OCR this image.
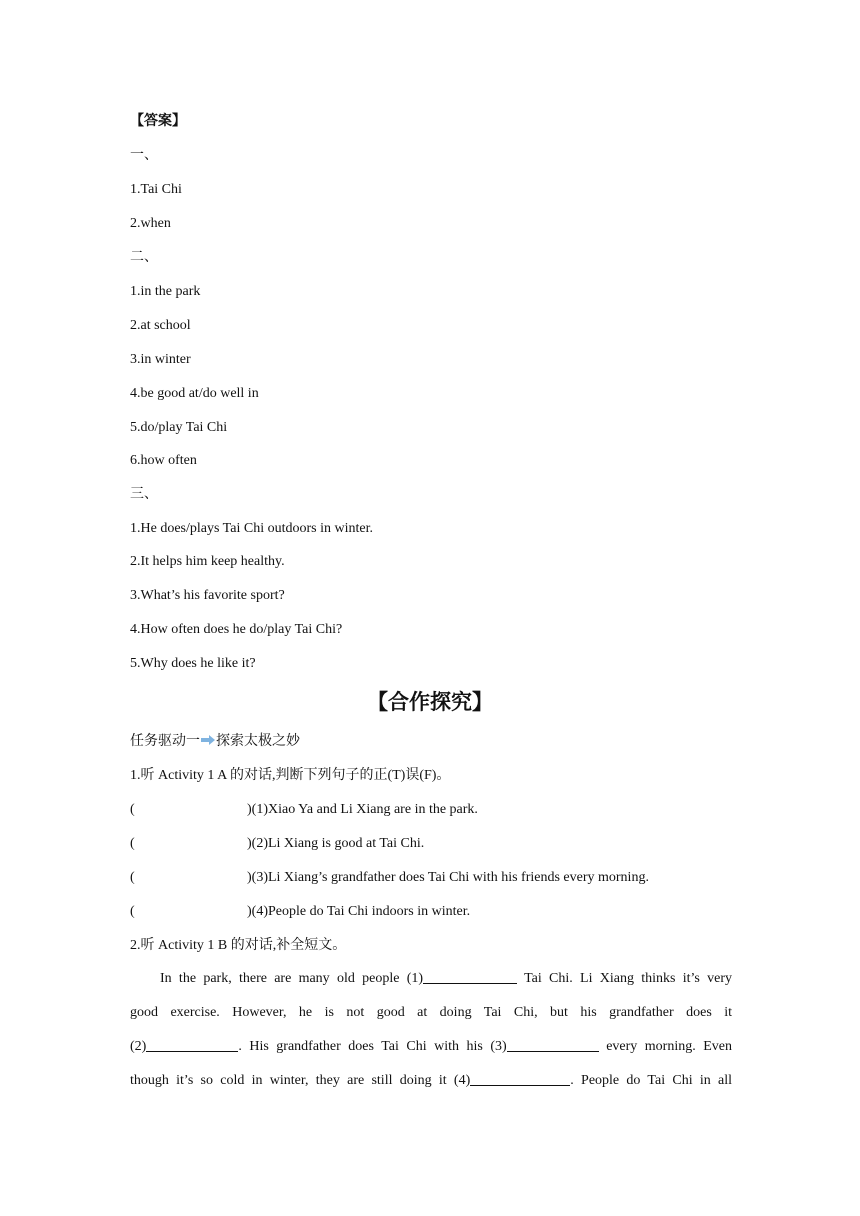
【答案】
一、
1.Tai Chi
2.when
二、
1.in the park
2.at school
3.in winter
4.be good at/do well in
5.do/play Tai Chi
6.how often
三、
1.He does/plays Tai Chi outdoors in winter.
2.It helps him keep healthy.
3.What’s his favorite sport?
4.How often does he do/play Tai Chi?
5.Why does he like it?
【合作探究】
任务驱动一 探索太极之妙
1.听 Activity 1 A 的对话,判断下列句子的正(T)误(F)。
(	)(1)Xiao Ya and Li Xiang are in the park.
(	)(2)Li Xiang is good at Tai Chi.
(	)(3)Li Xiang’s grandfather does Tai Chi with his friends every morning.
(	)(4)People do Tai Chi indoors in winter.
2.听 Activity 1 B 的对话,补全短文。
In the park, there are many old people (1)	Tai Chi. Li Xiang thinks it’s very
good exercise. However, he is not good at doing Tai Chi, but his grandfather does it
(2)	. His grandfather does Tai Chi with his (3)	every morning. Even
though it’s so cold in winter, they are still doing it (4)	. People do Tai Chi in all
